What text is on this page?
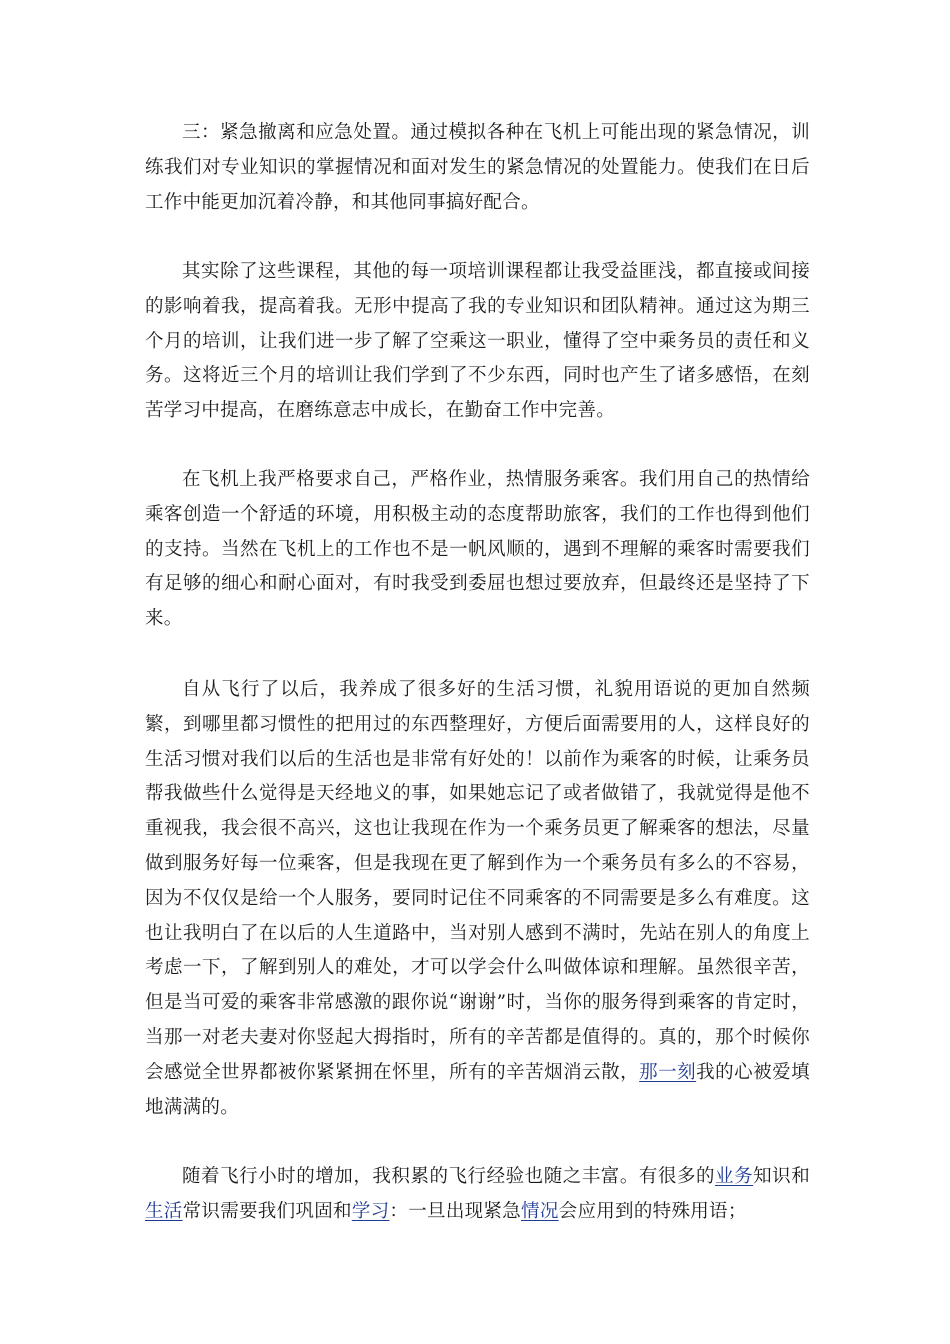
三：紧急撤离和应急处置。通过模拟各种在飞机上可能出现的紧急情况，训练我们对专业知识的掌握情况和面对发生的紧急情况的处置能力。使我们在日后工作中能更加沉着冷静，和其他同事搞好配合。

其实除了这些课程，其他的每一项培训课程都让我受益匪浅，都直接或间接的影响着我，提高着我。无形中提高了我的专业知识和团队精神。通过这为期三个月的培训，让我们进一步了解了空乘这一职业，懂得了空中乘务员的责任和义务。这将近三个月的培训让我们学到了不少东西，同时也产生了诸多感悟，在刻苦学习中提高，在磨练意志中成长，在勤奋工作中完善。

在飞机上我严格要求自己，严格作业，热情服务乘客。我们用自己的热情给乘客创造一个舒适的环境，用积极主动的态度帮助旅客，我们的工作也得到他们的支持。当然在飞机上的工作也不是一帆风顺的，遇到不理解的乘客时需要我们有足够的细心和耐心面对，有时我受到委屈也想过要放弃，但最终还是坚持了下来。

自从飞行了以后，我养成了很多好的生活习惯，礼貌用语说的更加自然频繁，到哪里都习惯性的把用过的东西整理好，方便后面需要用的人，这样良好的生活习惯对我们以后的生活也是非常有好处的！以前作为乘客的时候，让乘务员帮我做些什么觉得是天经地义的事，如果她忘记了或者做错了，我就觉得是他不重视我，我会很不高兴，这也让我现在作为一个乘务员更了解乘客的想法，尽量做到服务好每一位乘客，但是我现在更了解到作为一个乘务员有多么的不容易，因为不仅仅是给一个人服务，要同时记住不同乘客的不同需要是多么有难度。这也让我明白了在以后的人生道路中，当对别人感到不满时，先站在别人的角度上考虑一下，了解到别人的难处，才可以学会什么叫做体谅和理解。虽然很辛苦，但是当可爱的乘客非常感激的跟你说“谢谢”时，当你的服务得到乘客的肯定时，当那一对老夫妻对你竖起大拇指时，所有的辛苦都是值得的。真的，那个时候你会感觉全世界都被你紧紧拥在怀里，所有的辛苦烟消云散，那一刻我的心被爱填地满满的。

随着飞行小时的增加，我积累的飞行经验也随之丰富。有很多的业务知识和生活常识需要我们巩固和学习：一旦出现紧急情况会应用到的特殊用语；
